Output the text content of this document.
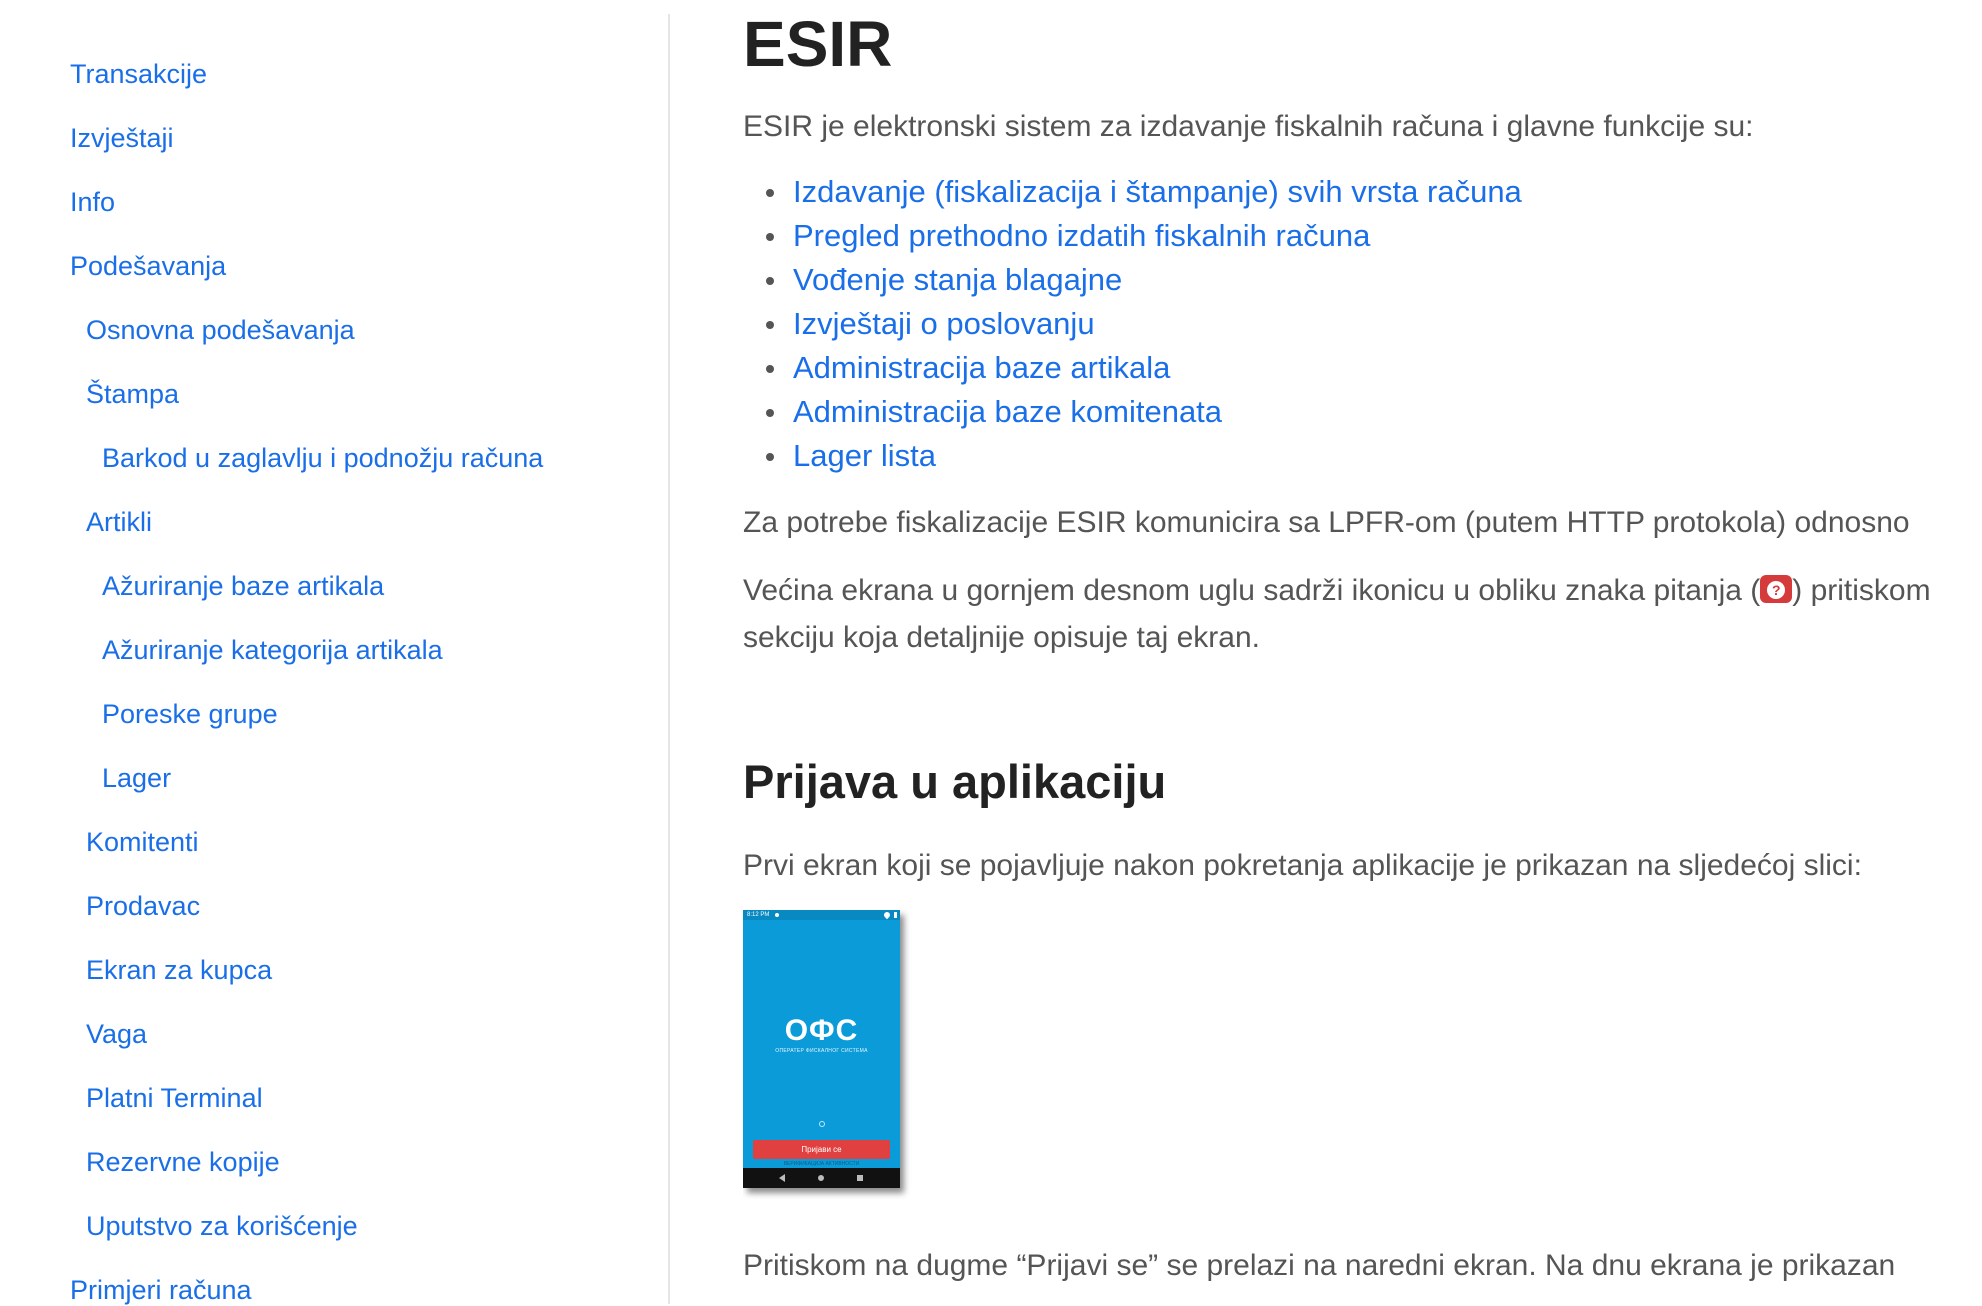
Transakcije
Izvještaji
Info
Podešavanja
Osnovna podešavanja
Štampa
Barkod u zaglavlju i podnožju računa
Artikli
Ažuriranje baze artikala
Ažuriranje kategorija artikala
Poreske grupe
Lager
Komitenti
Prodavac
Ekran za kupca
Vaga
Platni Terminal
Rezervne kopije
Uputstvo za korišćenje
Primjeri računa
ESIR

ESIR je elektronski sistem za izdavanje fiskalnih računa i glavne funkcije su:

Izdavanje (fiskalizacija i štampanje) svih vrsta računa
Pregled prethodno izdatih fiskalnih računa
Vođenje stanja blagajne
Izvještaji o poslovanju
Administracija baze artikala
Administracija baze komitenata
Lager lista

Za potrebe fiskalizacije ESIR komunicira sa LPFR-om (putem HTTP protokola) odnosno

Većina ekrana u gornjem desnom uglu sadrži ikonicu u obliku znaka pitanja ( ? ) pritiskom

sekciju koja detaljnije opisuje taj ekran.

Prijava u aplikaciju

Prvi ekran koji se pojavljuje nakon pokretanja aplikacije je prikazan na sljedećoj slici:

8:12 PM
ОФС
ОПЕРАТЕР ФИСКАЛНОГ СИСТЕМА
Пријави се
ВЕРИФИКАЦИЈА АКТИВНОСТИ

Pritiskom na dugme “Prijavi se” se prelazi na naredni ekran. Na dnu ekrana je prikazan
